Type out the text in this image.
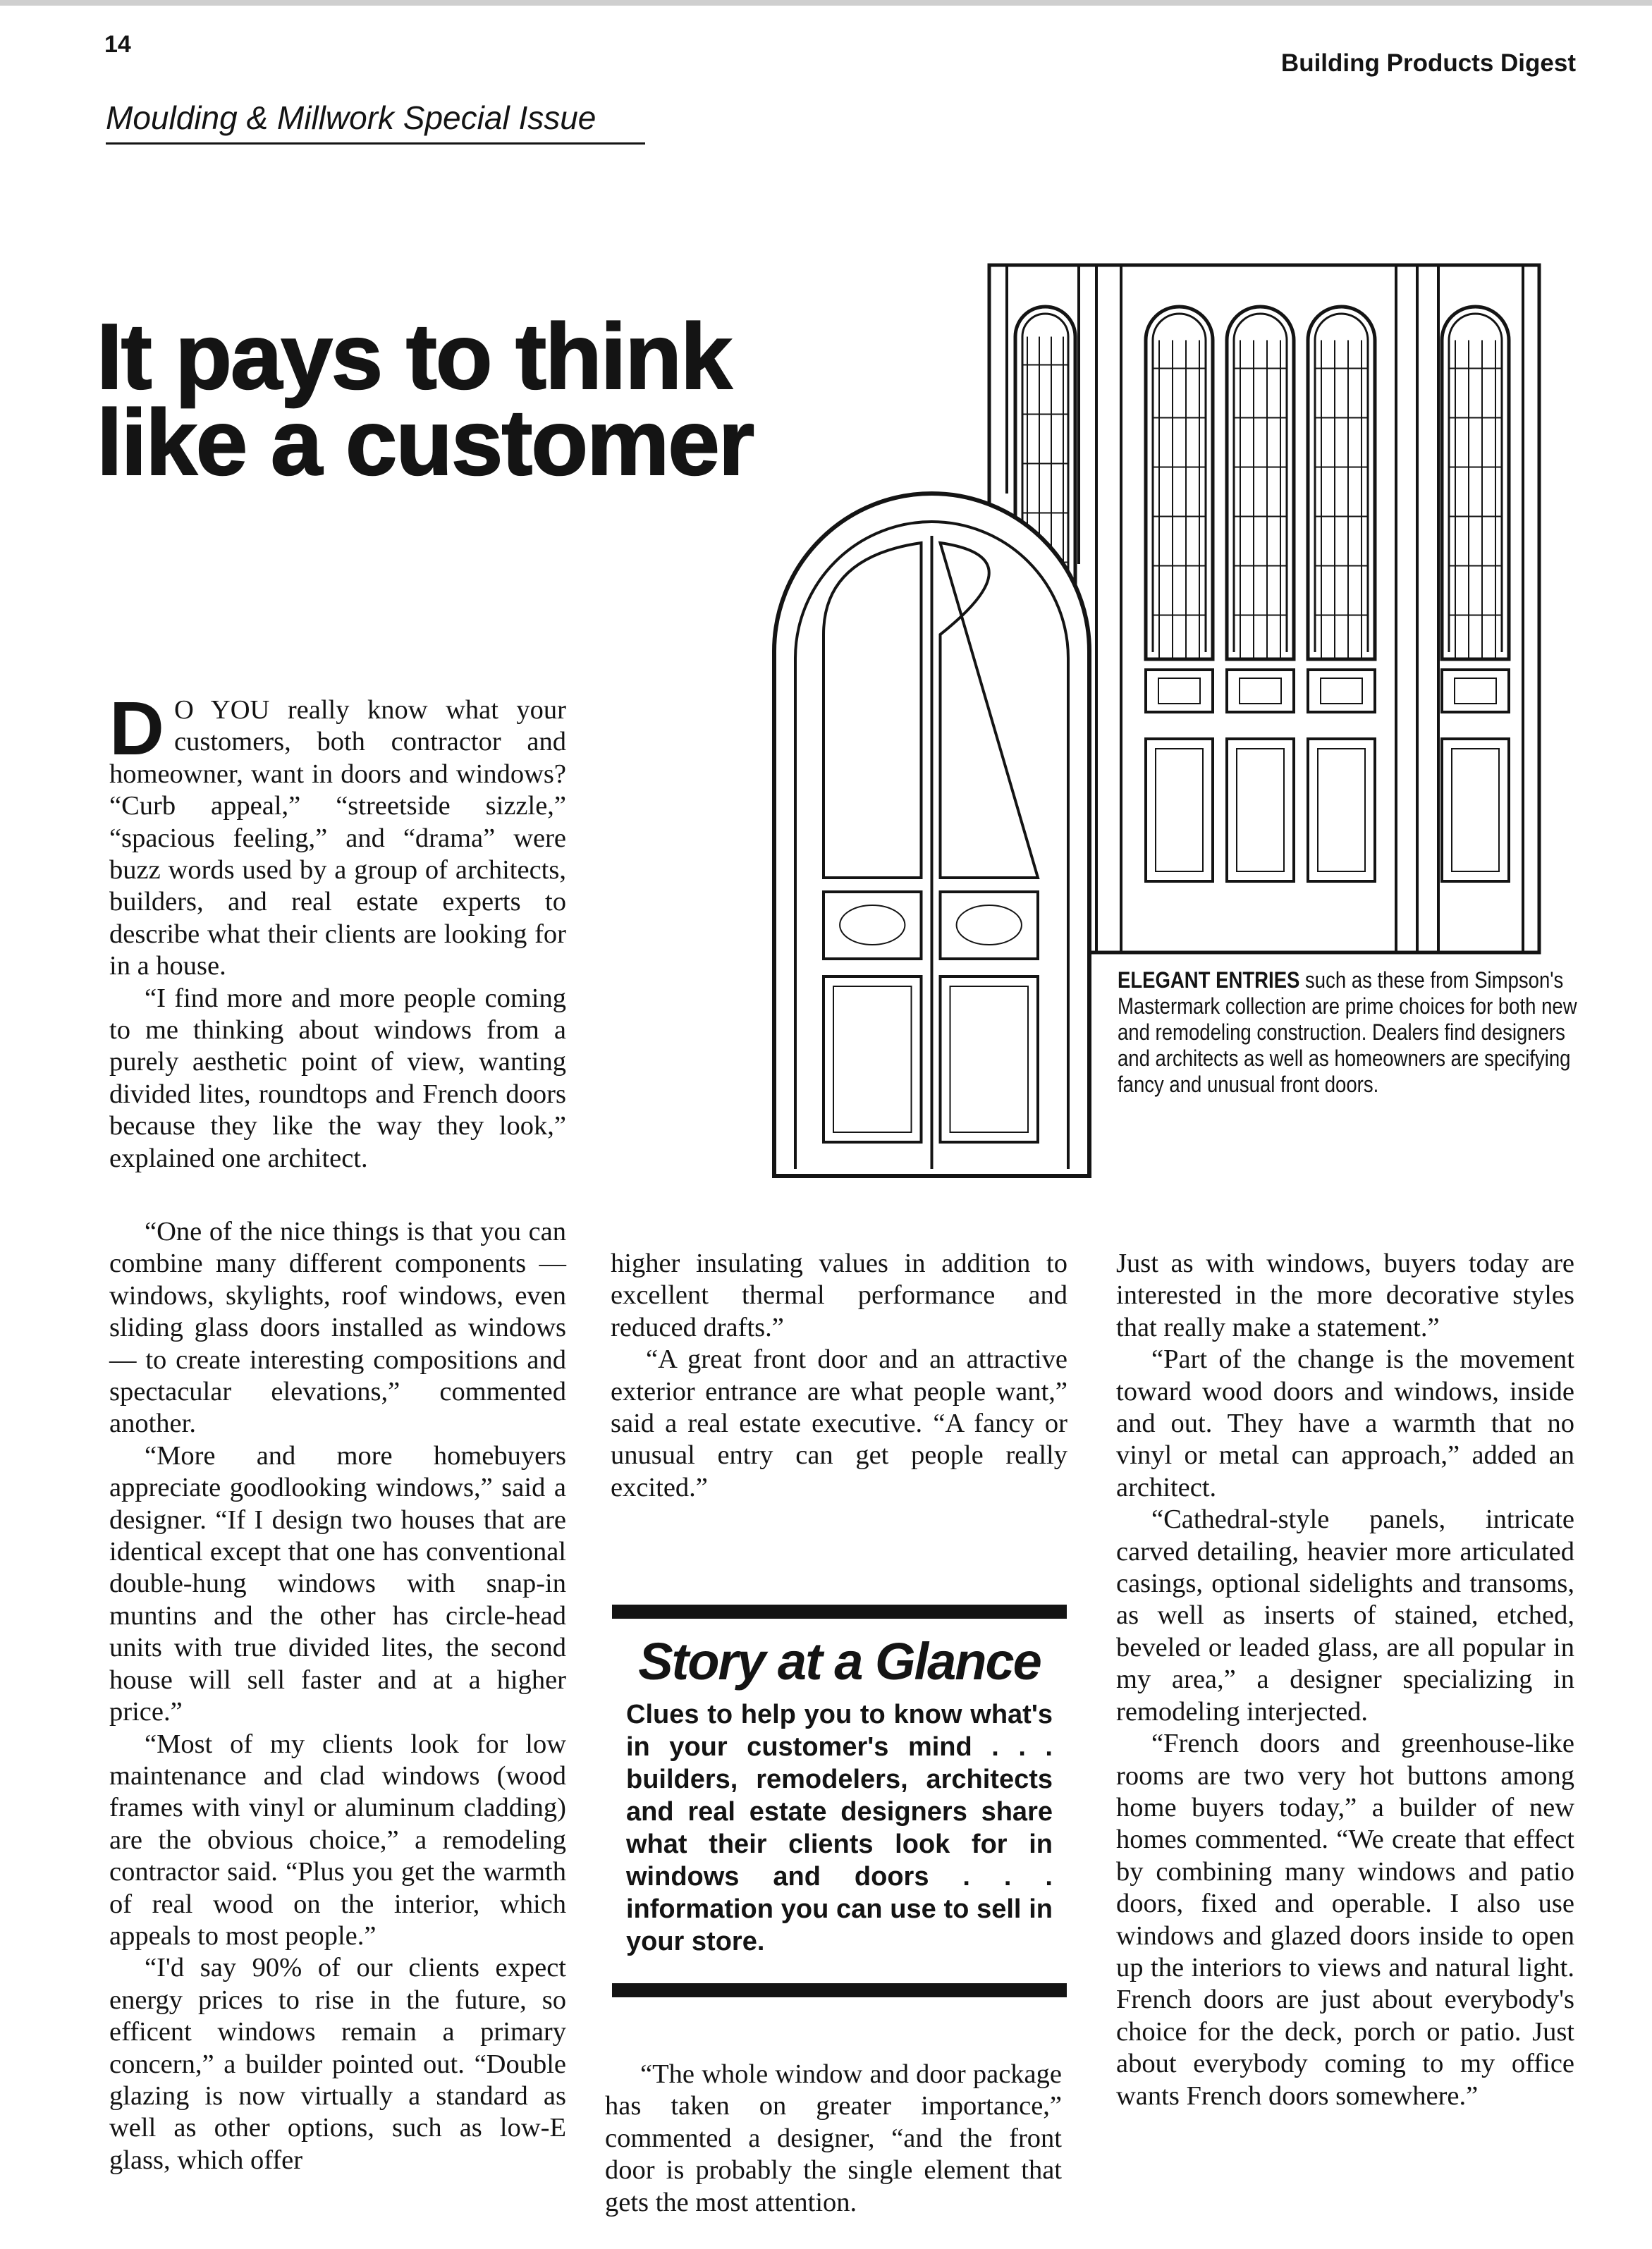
14
Building Products Digest
Moulding & Millwork Special Issue
It pays to think
like a customer
ELEGANT ENTRIES such as these from Simpson's Mastermark collection are prime choices for both new and remodeling construction. Dealers find designers and architects as well as homeowners are specifying fancy and unusual front doors.

D O YOU really know what your customers, both contractor and homeowner, want in doors and windows? “Curb appeal,” “streetside sizzle,” “spacious feeling,” and “drama” were buzz words used by a group of architects, builders, and real estate experts to describe what their clients are looking for in a house.

“I find more and more people coming to me thinking about windows from a purely aesthetic point of view, wanting divided lites, roundtops and French doors because they like the way they look,” explained one architect.

“One of the nice things is that you can combine many different components — windows, skylights, roof windows, even sliding glass doors installed as windows — to create interesting compositions and spectacular elevations,” commented another.

“More and more homebuyers appreciate goodlooking windows,” said a designer. “If I design two houses that are identical except that one has conventional double-hung windows with snap-in muntins and the other has circle-head units with true divided lites, the second house will sell faster and at a higher price.”

“Most of my clients look for low maintenance and clad windows (wood frames with vinyl or aluminum cladding) are the obvious choice,” a remodeling contractor said. “Plus you get the warmth of real wood on the interior, which appeals to most people.”

“I'd say 90% of our clients expect energy prices to rise in the future, so efficent windows remain a primary concern,” a builder pointed out. “Double glazing is now virtually a standard as well as other options, such as low-E glass, which offer

higher insulating values in addition to excellent thermal performance and reduced drafts.”

“A great front door and an attractive exterior entrance are what people want,” said a real estate executive. “A fancy or unusual entry can get people really excited.”

Story at a Glance
Clues to help you to know what's in your customer's mind . . . builders, remodelers, architects and real estate designers share what their clients look for in windows and doors . . . information you can use to sell in your store.

“The whole window and door package has taken on greater importance,” commented a designer, “and the front door is probably the single element that gets the most attention.

Just as with windows, buyers today are interested in the more decorative styles that really make a statement.”

“Part of the change is the movement toward wood doors and windows, inside and out. They have a warmth that no vinyl or metal can approach,” added an architect.

“Cathedral-style panels, intricate carved detailing, heavier more articulated casings, optional sidelights and transoms, as well as inserts of stained, etched, beveled or leaded glass, are all popular in my area,” a designer specializing in remodeling interjected.

“French doors and greenhouse-like rooms are two very hot buttons among home buyers today,” a builder of new homes commented. “We create that effect by combining many windows and patio doors, fixed and operable. I also use windows and glazed doors inside to open up the interiors to views and natural light. French doors are just about everybody's choice for the deck, porch or patio. Just about everybody coming to my office wants French doors somewhere.”
